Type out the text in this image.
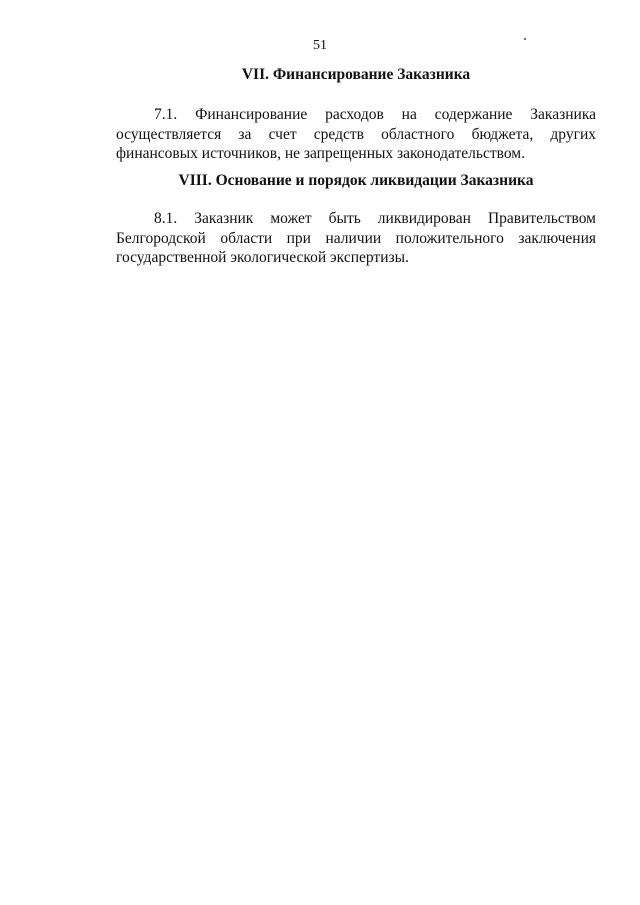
51
VII. Финансирование Заказника

7.1. Финансирование расходов на содержание Заказника осуществляется за счет средств областного бюджета, других финансовых источников, не запрещенных законодательством.

VIII. Основание и порядок ликвидации Заказника

8.1. Заказник может быть ликвидирован Правительством Белгородской области при наличии положительного заключения государственной экологической экспертизы.
